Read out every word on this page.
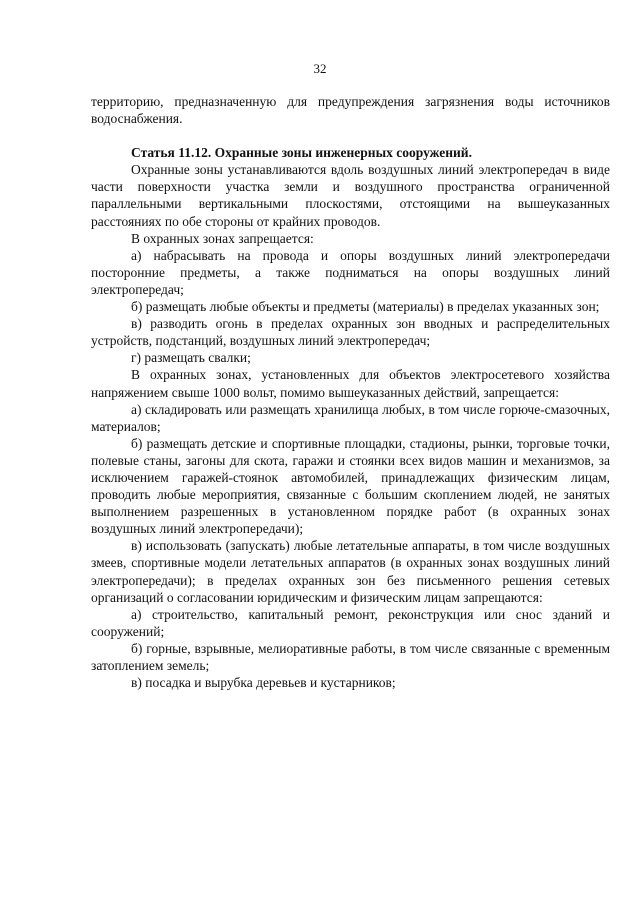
32

территорию, предназначенную для предупреждения загрязнения воды источников водоснабжения.

Статья 11.12. Охранные зоны инженерных сооружений.

Охранные зоны устанавливаются вдоль воздушных линий электропередач в виде части поверхности участка земли и воздушного пространства ограниченной параллельными вертикальными плоскостями, отстоящими на вышеуказанных расстояниях по обе стороны от крайних проводов.

В охранных зонах запрещается:

а) набрасывать на провода и опоры воздушных линий электропередачи посторонние предметы, а также подниматься на опоры воздушных линий электропередач;

б) размещать любые объекты и предметы (материалы) в пределах указанных зон;

в) разводить огонь в пределах охранных зон вводных и распределительных устройств, подстанций, воздушных линий электропередач;

г) размещать свалки;

В охранных зонах, установленных для объектов электросетевого хозяйства напряжением свыше 1000 вольт, помимо вышеуказанных действий, запрещается:

а) складировать или размещать хранилища любых, в том числе горюче-смазочных, материалов;

б) размещать детские и спортивные площадки, стадионы, рынки, торговые точки, полевые станы, загоны для скота, гаражи и стоянки всех видов машин и механизмов, за исключением гаражей-стоянок автомобилей, принадлежащих физическим лицам, проводить любые мероприятия, связанные с большим скоплением людей, не занятых выполнением разрешенных в установленном порядке работ (в охранных зонах воздушных линий электропередачи);

в) использовать (запускать) любые летательные аппараты, в том числе воздушных змеев, спортивные модели летательных аппаратов (в охранных зонах воздушных линий электропередачи); в пределах охранных зон без письменного решения сетевых организаций о согласовании юридическим и физическим лицам запрещаются:

а) строительство, капитальный ремонт, реконструкция или снос зданий и сооружений;

б) горные, взрывные, мелиоративные работы, в том числе связанные с временным затоплением земель;

в) посадка и вырубка деревьев и кустарников;
